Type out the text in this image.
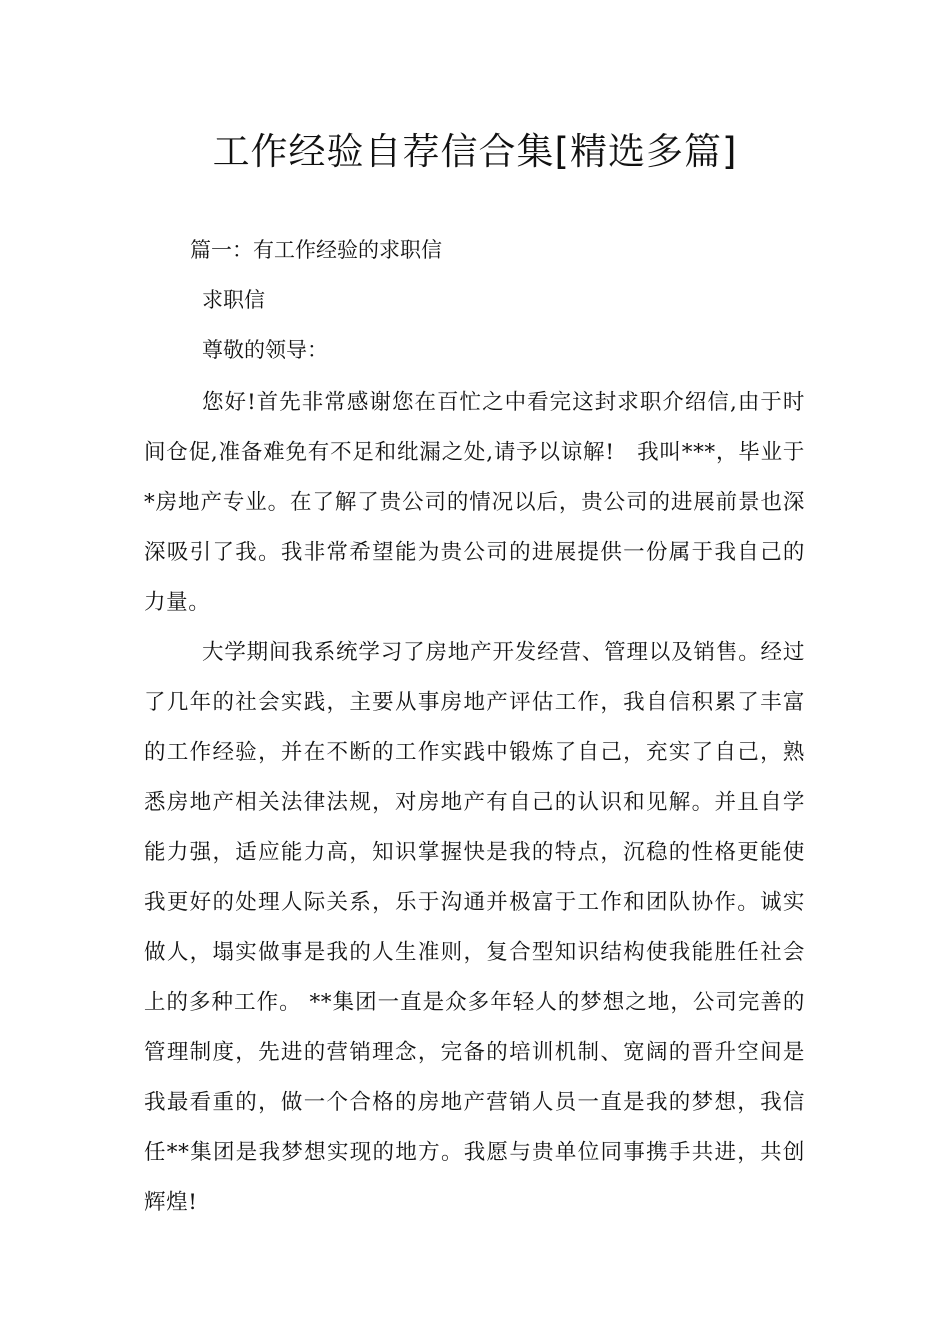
工作经验自荐信合集[精选多篇]
篇一：有工作经验的求职信

求职信

尊敬的领导：

您好!首先非常感谢您在百忙之中看完这封求职介绍信,由于时间仓促,准备难免有不足和纰漏之处,请予以谅解!　我叫***，毕业于*房地产专业。在了解了贵公司的情况以后，贵公司的进展前景也深深吸引了我。我非常希望能为贵公司的进展提供一份属于我自己的力量。

大学期间我系统学习了房地产开发经营、管理以及销售。经过了几年的社会实践，主要从事房地产评估工作，我自信积累了丰富的工作经验，并在不断的工作实践中锻炼了自己，充实了自己，熟悉房地产相关法律法规，对房地产有自己的认识和见解。并且自学能力强，适应能力高，知识掌握快是我的特点，沉稳的性格更能使我更好的处理人际关系，乐于沟通并极富于工作和团队协作。诚实做人，塌实做事是我的人生准则，复合型知识结构使我能胜任社会上的多种工作。 **集团一直是众多年轻人的梦想之地，公司完善的管理制度，先进的营销理念，完备的培训机制、宽阔的晋升空间是我最看重的，做一个合格的房地产营销人员一直是我的梦想，我信任**集团是我梦想实现的地方。我愿与贵单位同事携手共进，共创辉煌!
